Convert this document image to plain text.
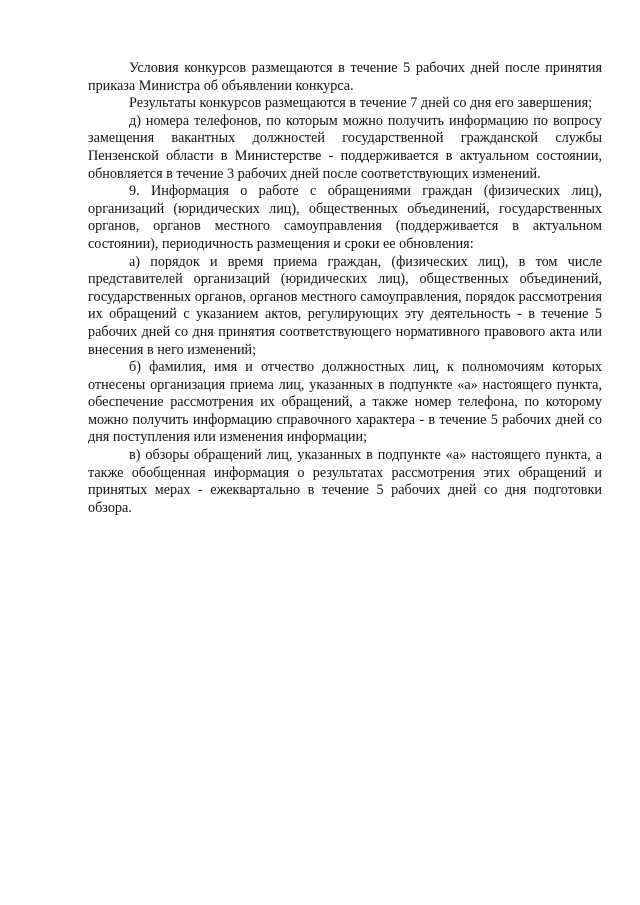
Условия конкурсов размещаются в течение 5 рабочих дней после принятия приказа Министра об объявлении конкурса.

Результаты конкурсов размещаются в течение 7 дней со дня его завершения;

д) номера телефонов, по которым можно получить информацию по вопросу замещения вакантных должностей государственной гражданской службы Пензенской области в Министерстве - поддерживается в актуальном состоянии, обновляется в течение 3 рабочих дней после соответствующих изменений.

9. Информация о работе с обращениями граждан (физических лиц), организаций (юридических лиц), общественных объединений, государственных органов, органов местного самоуправления (поддерживается в актуальном состоянии), периодичность размещения и сроки ее обновления:

а) порядок и время приема граждан, (физических лиц), в том числе представителей организаций (юридических лиц), общественных объединений, государственных органов, органов местного самоуправления, порядок рассмотрения их обращений с указанием актов, регулирующих эту деятельность - в течение 5 рабочих дней со дня принятия соответствующего нормативного правового акта или внесения в него изменений;

б) фамилия, имя и отчество должностных лиц, к полномочиям которых отнесены организация приема лиц, указанных в подпункте «а» настоящего пункта, обеспечение рассмотрения их обращений, а также номер телефона, по которому можно получить информацию справочного характера - в течение 5 рабочих дней со дня поступления или изменения информации;

в) обзоры обращений лиц, указанных в подпункте «а» настоящего пункта, а также обобщенная информация о результатах рассмотрения этих обращений и принятых мерах - ежеквартально в течение 5 рабочих дней со дня подготовки обзора.
